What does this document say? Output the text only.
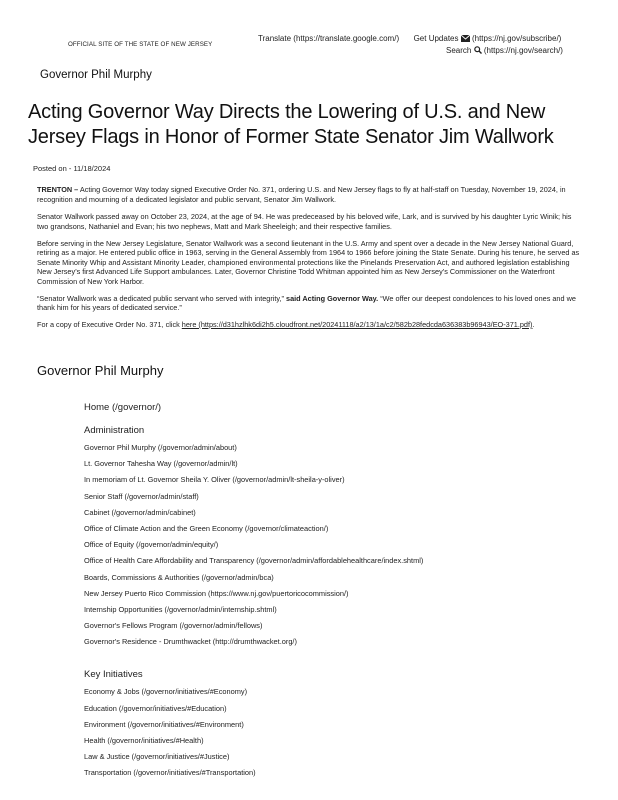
OFFICIAL SITE OF THE STATE OF NEW JERSEY
Translate (https://translate.google.com/) Get Updates (https://nj.gov/subscribe/)
Search (https://nj.gov/search/)
Governor Phil Murphy
Acting Governor Way Directs the Lowering of U.S. and New Jersey Flags in Honor of Former State Senator Jim Wallwork
Posted on - 11/18/2024

TRENTON – Acting Governor Way today signed Executive Order No. 371, ordering U.S. and New Jersey flags to fly at half-staff on Tuesday, November 19, 2024, in recognition and mourning of a dedicated legislator and public servant, Senator Jim Wallwork.

Senator Wallwork passed away on October 23, 2024, at the age of 94. He was predeceased by his beloved wife, Lark, and is survived by his daughter Lyric Winik; his two grandsons, Nathaniel and Evan; his two nephews, Matt and Mark Sheeleigh; and their respective families.

Before serving in the New Jersey Legislature, Senator Wallwork was a second lieutenant in the U.S. Army and spent over a decade in the New Jersey National Guard, retiring as a major. He entered public office in 1963, serving in the General Assembly from 1964 to 1966 before joining the State Senate. During his tenure, he served as Senate Minority Whip and Assistant Minority Leader, championed environmental protections like the Pinelands Preservation Act, and authored legislation establishing New Jersey’s first Advanced Life Support ambulances. Later, Governor Christine Todd Whitman appointed him as New Jersey’s Commissioner on the Waterfront Commission of New York Harbor.

“Senator Wallwork was a dedicated public servant who served with integrity,” said Acting Governor Way. “We offer our deepest condolences to his loved ones and we thank him for his years of dedicated service.”

For a copy of Executive Order No. 371, click here (https://d31hzlhk6di2h5.cloudfront.net/20241118/a2/13/1a/c2/582b28fedcda636383b96943/EO-371.pdf).

Governor Phil Murphy
Home (/governor/)
Administration
Governor Phil Murphy (/governor/admin/about)
Lt. Governor Tahesha Way (/governor/admin/lt)
In memoriam of Lt. Governor Sheila Y. Oliver (/governor/admin/lt-sheila-y-oliver)
Senior Staff (/governor/admin/staff)
Cabinet (/governor/admin/cabinet)
Office of Climate Action and the Green Economy (/governor/climateaction/)
Office of Equity (/governor/admin/equity/)
Office of Health Care Affordability and Transparency (/governor/admin/affordablehealthcare/index.shtml)
Boards, Commissions & Authorities (/governor/admin/bca)
New Jersey Puerto Rico Commission (https://www.nj.gov/puertoricocommission/)
Internship Opportunities (/governor/admin/internship.shtml)
Governor's Fellows Program (/governor/admin/fellows)
Governor's Residence - Drumthwacket (http://drumthwacket.org/)
Key Initiatives
Economy & Jobs (/governor/initiatives/#Economy)
Education (/governor/initiatives/#Education)
Environment (/governor/initiatives/#Environment)
Health (/governor/initiatives/#Health)
Law & Justice (/governor/initiatives/#Justice)
Transportation (/governor/initiatives/#Transportation)
